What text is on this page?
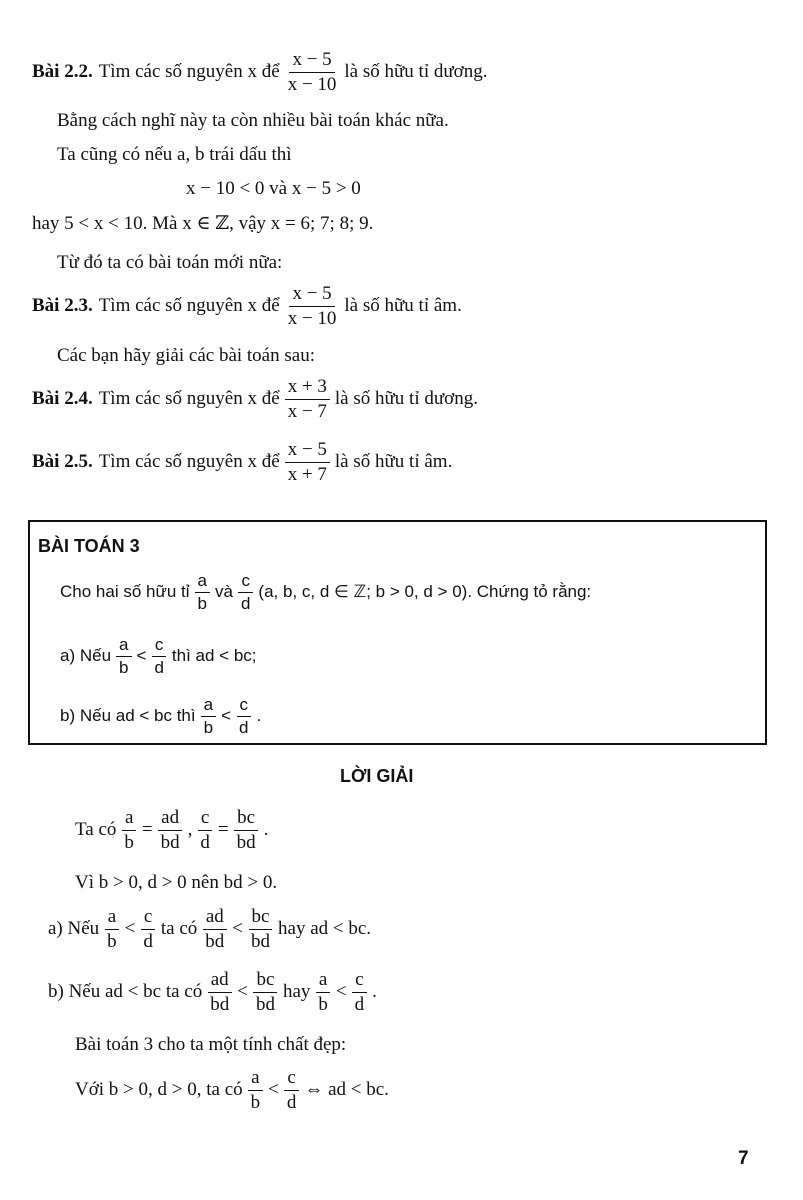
Bài 2.2. Tìm các số nguyên x để $\frac{x - 5}{x - 10}$ là số hữu tỉ dương.
Bằng cách nghĩ này ta còn nhiều bài toán khác nữa.
Ta cũng có nếu a, b trái dấu thì
x − 10 < 0 và x − 5 > 0
hay 5 < x < 10. Mà x ∈ ℤ, vậy x = 6; 7; 8; 9.
Từ đó ta có bài toán mới nữa:
Bài 2.3. Tìm các số nguyên x để $\frac{x - 5}{x - 10}$ là số hữu tỉ âm.
Các bạn hãy giải các bài toán sau:
Bài 2.4. Tìm các số nguyên x để $\frac{x + 3}{x - 7}$ là số hữu tỉ dương.
Bài 2.5. Tìm các số nguyên x để $\frac{x - 5}{x + 7}$ là số hữu tỉ âm.
BÀI TOÁN 3
Cho hai số hữu tỉ $\frac{a}{b}$ và $\frac{c}{d} (a$, b, c, d ∈ ℤ; b > 0, d > 0). Chứng tỏ rằng:
a) Nếu $\frac{a}{b} < \frac{c}{d}$ thì ad < bc;
b) Nếu ad < bc thì $\frac{a}{b} < \frac{c}{d}$ .
LỜI GIẢI
Ta có $\frac{a}{b} = \frac{ad}{bd}$ , $\frac{c}{d} = \frac{bc}{bd}$ .
Vì b > 0, d > 0 nên bd > 0.
a) Nếu $\frac{a}{b} < \frac{c}{d}$ ta có $\frac{ad}{bd} < \frac{bc}{bd}$ hay ad < bc.
b) Nếu ad < bc ta có $\frac{ad}{bd} < \frac{bc}{bd}$ hay $\frac{a}{b} < \frac{c}{d}$ .
Bài toán 3 cho ta một tính chất đẹp:
Với b > 0, d > 0, ta có $\frac{a}{b} < \frac{c}{d}$ ⇔ ad < bc.
7
